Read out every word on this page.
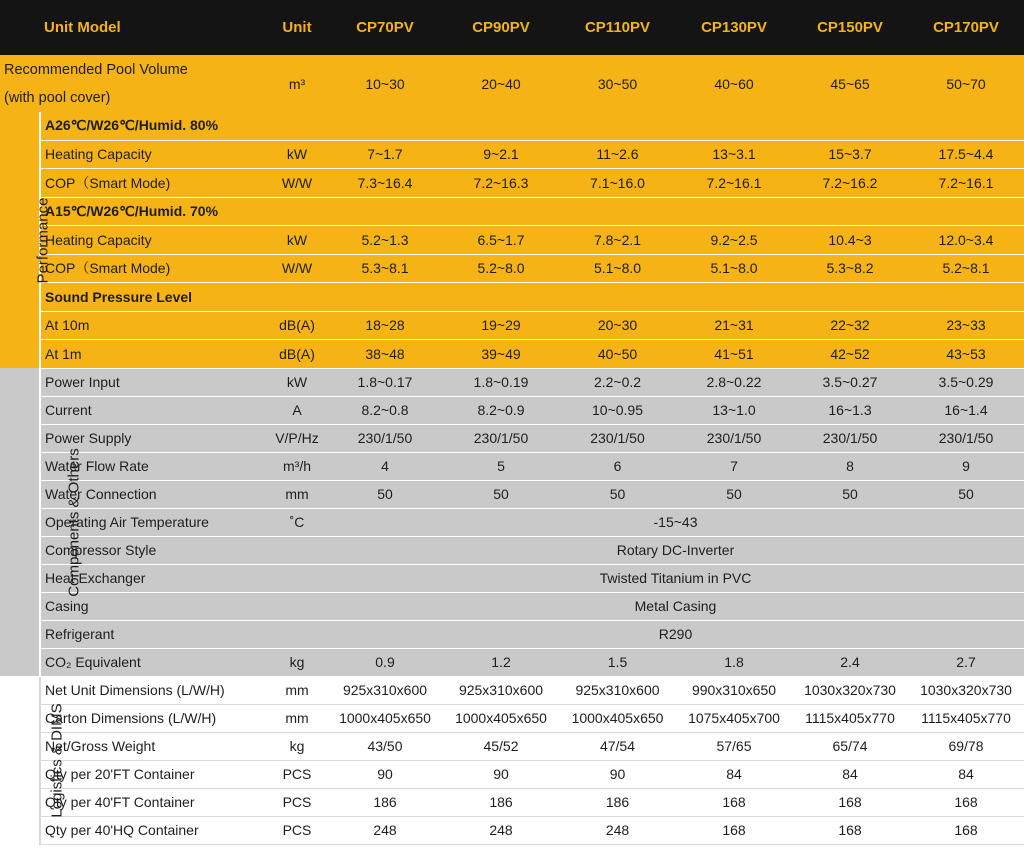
Unit Model		Unit	CP70PV	CP90PV	CP110PV	CP130PV	CP150PV	CP170PV
Recommended Pool Volume
(with pool cover)		m³	10~30	20~40	30~50	40~60	45~65	50~70
Performance	A26℃/W26℃/Humid. 80%							
	Heating Capacity	kW	7~1.7	9~2.1	11~2.6	13~3.1	15~3.7	17.5~4.4
	COP（Smart Mode)	W/W	7.3~16.4	7.2~16.3	7.1~16.0	7.2~16.1	7.2~16.2	7.2~16.1
	A15℃/W26℃/Humid. 70%							
	Heating Capacity	kW	5.2~1.3	6.5~1.7	7.8~2.1	9.2~2.5	10.4~3	12.0~3.4
	COP（Smart Mode)	W/W	5.3~8.1	5.2~8.0	5.1~8.0	5.1~8.0	5.3~8.2	5.2~8.1
	Sound Pressure Level							
	At 10m	dB(A)	18~28	19~29	20~30	21~31	22~32	23~33
	At 1m	dB(A)	38~48	39~49	40~50	41~51	42~52	43~53
Components & Others	Power Input	kW	1.8~0.17	1.8~0.19	2.2~0.2	2.8~0.22	3.5~0.27	3.5~0.29
	Current	A	8.2~0.8	8.2~0.9	10~0.95	13~1.0	16~1.3	16~1.4
	Power Supply	V/P/Hz	230/1/50	230/1/50	230/1/50	230/1/50	230/1/50	230/1/50
	Water Flow Rate	m³/h	4	5	6	7	8	9
	Water Connection	mm	50	50	50	50	50	50
	Operating Air Temperature	˚C	-15~43					
	Compressor Style		Rotary DC-Inverter					
	Heat Exchanger		Twisted Titanium in PVC					
	Casing		Metal Casing					
	Refrigerant		R290					
	CO₂ Equivalent	kg	0.9	1.2	1.5	1.8	2.4	2.7
Logistics & DIMS	Net Unit Dimensions (L/W/H)	mm	925x310x600	925x310x600	925x310x600	990x310x650	1030x320x730	1030x320x730
	Carton Dimensions (L/W/H)	mm	1000x405x650	1000x405x650	1000x405x650	1075x405x700	1115x405x770	1115x405x770
	Net/Gross Weight	kg	43/50	45/52	47/54	57/65	65/74	69/78
	Qty per 20'FT Container	PCS	90	90	90	84	84	84
	Qty per 40'FT Container	PCS	186	186	186	168	168	168
	Qty per 40'HQ Container	PCS	248	248	248	168	168	168
